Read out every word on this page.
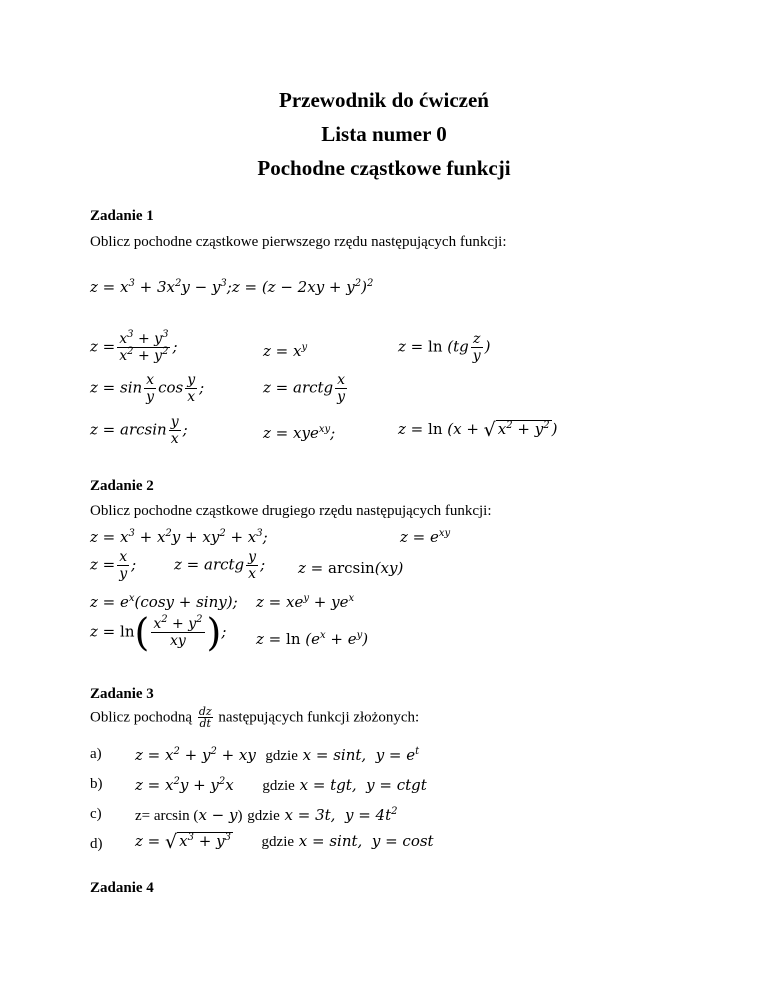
Przewodnik do ćwiczeń
Lista numer 0
Pochodne cząstkowe funkcji
Zadanie 1
Oblicz pochodne cząstkowe pierwszego rzędu następujących funkcji:
$z = x^3 + 3x^2y$ − $y^3;z = (z - 2xy + y^2)^2$
$z = \frac{x^3 + y^3}{x^2 + y^2}$ ;	$z = x^y$	$z = \ln (tg \frac{z}{y}$ )
$z = \sin \frac{x}{y}$ $\cos \frac{y}{x}$ ;	z = arctg $\frac{x}{y}$
$z = \arcsin \frac{y}{x}$ ;	z = xye$^{xy}$;	z = ln (x + √ $x^2 + y^2$ )
Zadanie 2
Oblicz pochodne cząstkowe drugiego rzędu następujących funkcji:
$z = x^3 + x^2y + xy^2 + x^3$;	$z = e^{xy}$
$z = \frac{x}{y}$ ;	z = arctg $\frac{y}{x}$ ; z = arcsin(xy)
$z = e^x(\cos y + \sin y)$; $z = xe^y + ye^x$
$z = \ln( \frac{x^2 + y^2}{xy}$ ); $z = \ln (e^x + e^y)$
Zadanie 3
Oblicz pochodną $\frac{dz}{dt}$ następujących funkcji złożonych:
a) $z = x^2 + y^2$ + xy  gdzie x = sint,  $y = e^t$
b) $z = x^2y + y^2x$      gdzie x = tgt,  y = ctgt
c) z= arcsin (x − y) gdzie x = 3t,  $y = 4t^2$
d) z = √ $x^3 + y^3$ gdzie x = sint,  y = cost
Zadanie 4
